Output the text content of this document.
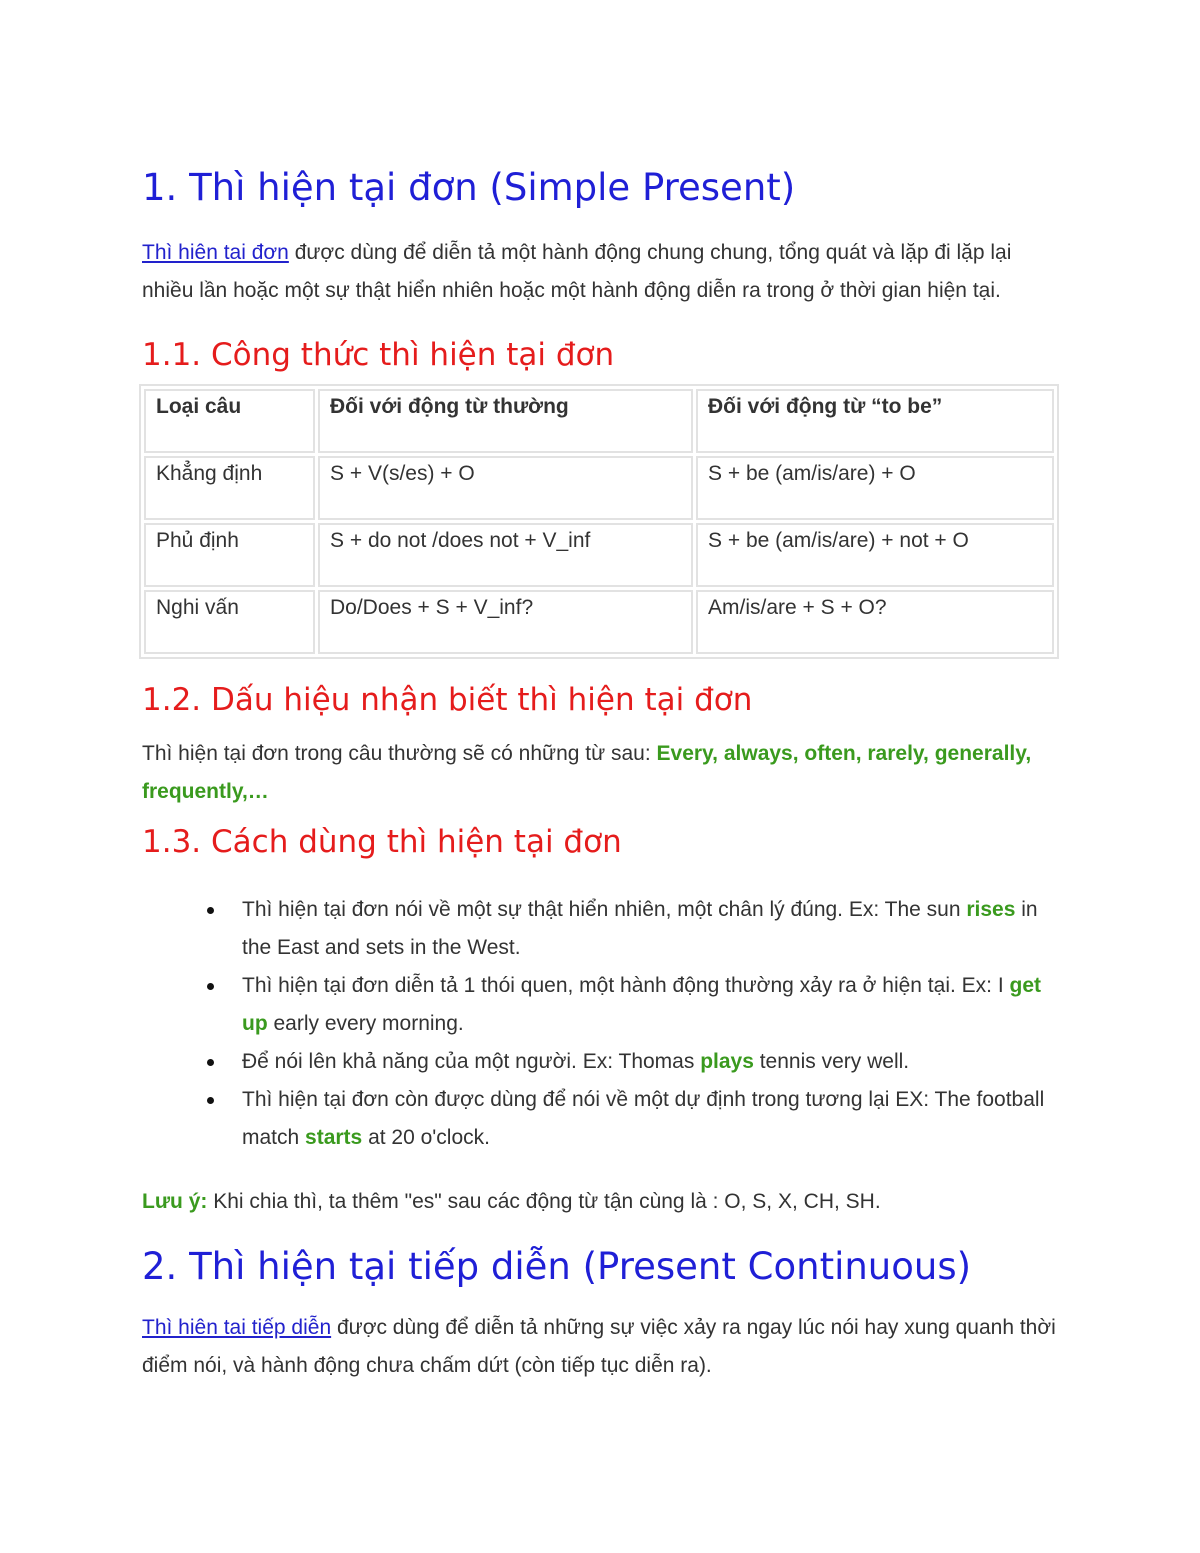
1. Thì hiện tại đơn (Simple Present)

Thì hiên tai đơn được dùng để diễn tả một hành động chung chung, tổng quát và lặp đi lặp lại nhiều lần hoặc một sự thật hiển nhiên hoặc một hành động diễn ra trong ở thời gian hiện tại.

1.1. Công thức thì hiện tại đơn
Loại câu	Đối với động từ thường	Đối với động từ “to be”
Khẳng định	S + V(s/es) + O	S + be (am/is/are) + O
Phủ định	S + do not /does not + V_inf	S + be (am/is/are) + not + O
Nghi vấn	Do/Does + S + V_inf?	Am/is/are + S + O?
1.2. Dấu hiệu nhận biết thì hiện tại đơn

Thì hiện tại đơn trong câu thường sẽ có những từ sau: Every, always, often, rarely, generally, frequently,…

1.3. Cách dùng thì hiện tại đơn
Thì hiện tại đơn nói về một sự thật hiển nhiên, một chân lý đúng. Ex: The sun rises in the East and sets in the West.
Thì hiện tại đơn diễn tả 1 thói quen, một hành động thường xảy ra ở hiện tại. Ex: I get up early every morning.
Để nói lên khả năng của một người. Ex: Thomas plays tennis very well.
Thì hiện tại đơn còn được dùng để nói về một dự định trong tương lại EX: The football match starts at 20 o'clock.

Lưu ý: Khi chia thì, ta thêm "es" sau các động từ tận cùng là : O, S, X, CH, SH.

2. Thì hiện tại tiếp diễn (Present Continuous)

Thì hiên tai tiếp diễn được dùng để diễn tả những sự việc xảy ra ngay lúc nói hay xung quanh thời điểm nói, và hành động chưa chấm dứt (còn tiếp tục diễn ra).
